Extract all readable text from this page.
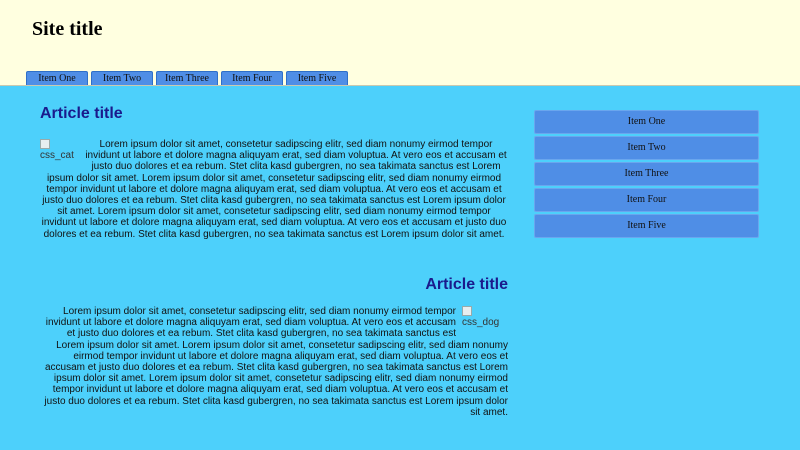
Site title
Item One	Item Two	Item Three	Item Four	Item Five
Article title

css_cat

Lorem ipsum dolor sit amet, consetetur sadipscing elitr, sed diam nonumy eirmod tempor invidunt ut labore et dolore magna aliquyam erat, sed diam voluptua. At vero eos et accusam et justo duo dolores et ea rebum. Stet clita kasd gubergren, no sea takimata sanctus est Lorem ipsum dolor sit amet. Lorem ipsum dolor sit amet, consetetur sadipscing elitr, sed diam nonumy eirmod tempor invidunt ut labore et dolore magna aliquyam erat, sed diam voluptua. At vero eos et accusam et justo duo dolores et ea rebum. Stet clita kasd gubergren, no sea takimata sanctus est Lorem ipsum dolor sit amet. Lorem ipsum dolor sit amet, consetetur sadipscing elitr, sed diam nonumy eirmod tempor invidunt ut labore et dolore magna aliquyam erat, sed diam voluptua. At vero eos et accusam et justo duo dolores et ea rebum. Stet clita kasd gubergren, no sea takimata sanctus est Lorem ipsum dolor sit amet.

Article title

css_dog

Lorem ipsum dolor sit amet, consetetur sadipscing elitr, sed diam nonumy eirmod tempor invidunt ut labore et dolore magna aliquyam erat, sed diam voluptua. At vero eos et accusam et justo duo dolores et ea rebum. Stet clita kasd gubergren, no sea takimata sanctus est Lorem ipsum dolor sit amet. Lorem ipsum dolor sit amet, consetetur sadipscing elitr, sed diam nonumy eirmod tempor invidunt ut labore et dolore magna aliquyam erat, sed diam voluptua. At vero eos et accusam et justo duo dolores et ea rebum. Stet clita kasd gubergren, no sea takimata sanctus est Lorem ipsum dolor sit amet. Lorem ipsum dolor sit amet, consetetur sadipscing elitr, sed diam nonumy eirmod tempor invidunt ut labore et dolore magna aliquyam erat, sed diam voluptua. At vero eos et accusam et justo duo dolores et ea rebum. Stet clita kasd gubergren, no sea takimata sanctus est Lorem ipsum dolor sit amet.

Item One
Item Two
Item Three
Item Four
Item Five
